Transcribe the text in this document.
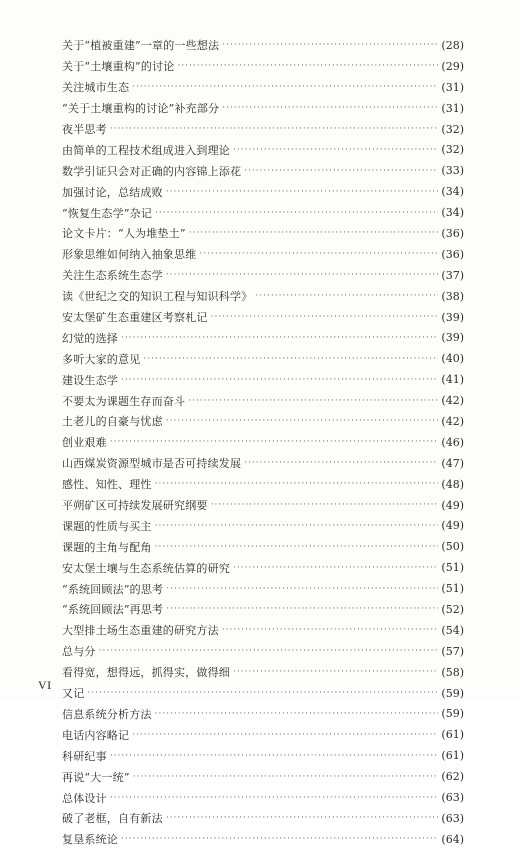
关于“植被重建”一章的一些想法 ·····	(28)
关于“土壤重构”的讨论 ·····	(29)
关注城市生态 ·····	(31)
“关于土壤重构的讨论”补充部分 ·····	(31)
夜半思考 ·····	(32)
由简单的工程技术组成进入到理论 ·····	(32)
数学引证只会对正确的内容锦上添花 ·····	(33)
加强讨论，总结成败 ·····	(34)
“恢复生态学”杂记 ·····	(34)
论文卡片：“人为堆垫土” ·····	(36)
形象思维如何纳入抽象思维 ·····	(36)
关注生态系统生态学 ·····	(37)
读《世纪之交的知识工程与知识科学》 ·····	(38)
安太堡矿生态重建区考察札记 ·····	(39)
幻觉的选择 ·····	(39)
多听大家的意见 ·····	(40)
建设生态学 ·····	(41)
不要太为课题生存而奋斗 ·····	(42)
土老儿的自豪与忧虑 ·····	(42)
创业艰难 ·····	(46)
山西煤炭资源型城市是否可持续发展 ·····	(47)
感性、知性、理性 ·····	(48)
平朔矿区可持续发展研究纲要 ·····	(49)
课题的性质与买主 ·····	(49)
课题的主角与配角 ·····	(50)
安太堡土壤与生态系统估算的研究 ·····	(51)
“系统回顾法”的思考 ·····	(51)
“系统回顾法”再思考 ·····	(52)
大型排土场生态重建的研究方法 ·····	(54)
总与分 ·····	(57)
看得宽，想得远，抓得实，做得细 ·····	(58)
又记 ·····	(59)
信息系统分析方法 ·····	(59)
电话内容略记 ·····	(61)
科研纪事 ·····	(61)
再说“大一统” ·····	(62)
总体设计 ·····	(63)
破了老框，自有新法 ·····	(63)
复垦系统论 ·····	(64)
VI
